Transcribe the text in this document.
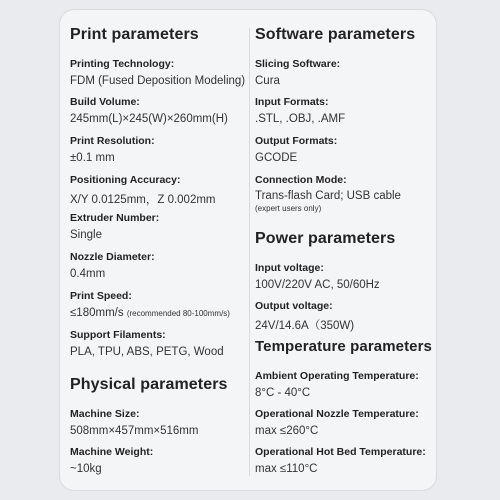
Print parameters
Printing Technology:
FDM (Fused Deposition Modeling)
Build Volume:
245mm(L)×245(W)×260mm(H)
Print Resolution:
±0.1 mm
Positioning Accuracy:
X/Y 0.0125mm，Z 0.002mm
Extruder Number:
Single
Nozzle Diameter:
0.4mm
Print Speed:
≤180mm/s (recommended 80-100mm/s)
Support Filaments:
PLA, TPU, ABS, PETG, Wood
Physical parameters
Machine Size:
508mm×457mm×516mm
Machine Weight:
~10kg
Software parameters
Slicing Software:
Cura
Input Formats:
.STL, .OBJ, .AMF
Output Formats:
GCODE
Connection Mode:
Trans-flash Card; USB cable
(expert users only)
Power parameters
Input voltage:
100V/220V AC, 50/60Hz
Output voltage:
24V/14.6A（350W)
Temperature parameters
Ambient Operating Temperature:
8°C - 40°C
Operational Nozzle Temperature:
max ≤260°C
Operational Hot Bed Temperature:
max ≤110°C
